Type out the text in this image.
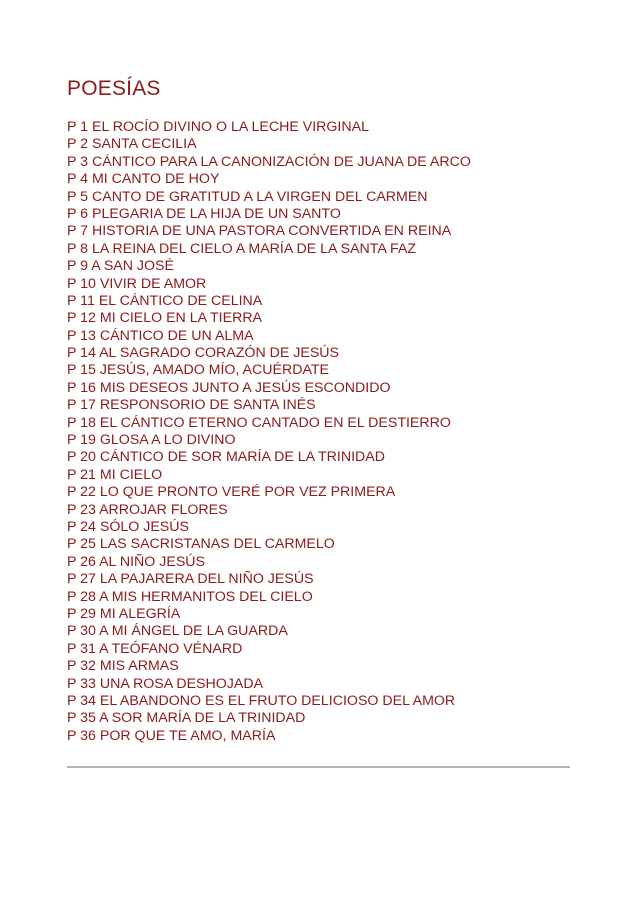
POESÍAS
P 1 EL ROCÍO DIVINO O LA LECHE VIRGINAL
P 2 SANTA CECILIA
P 3 CÁNTICO PARA LA CANONIZACIÓN DE JUANA DE ARCO
P 4 MI CANTO DE HOY
P 5 CANTO DE GRATITUD A LA VIRGEN DEL CARMEN
P 6 PLEGARIA DE LA HIJA DE UN SANTO
P 7 HISTORIA DE UNA PASTORA CONVERTIDA EN REINA
P 8 LA REINA DEL CIELO A MARÍA DE LA SANTA FAZ
P 9 A SAN JOSÉ
P 10 VIVIR DE AMOR
P 11 EL CÁNTICO DE CELINA
P 12 MI CIELO EN LA TIERRA
P 13 CÁNTICO DE UN ALMA
P 14 AL SAGRADO CORAZÓN DE JESÚS
P 15 JESÚS, AMADO MÍO, ACUÉRDATE
P 16 MIS DESEOS JUNTO A JESÚS ESCONDIDO
P 17 RESPONSORIO DE SANTA INÉS
P 18 EL CÁNTICO ETERNO CANTADO EN EL DESTIERRO
P 19 GLOSA A LO DIVINO
P 20 CÁNTICO DE SOR MARÍA DE LA TRINIDAD
P 21 MI CIELO
P 22 LO QUE PRONTO VERÉ POR VEZ PRIMERA
P 23 ARROJAR FLORES
P 24 SÓLO JESÚS
P 25 LAS SACRISTANAS DEL CARMELO
P 26 AL NIÑO JESÚS
P 27 LA PAJARERA DEL NIÑO JESÚS
P 28 A MIS HERMANITOS DEL CIELO
P 29 MI ALEGRÍA
P 30 A MI ÁNGEL DE LA GUARDA
P 31 A TEÓFANO VÉNARD
P 32 MIS ARMAS
P 33 UNA ROSA DESHOJADA
P 34 EL ABANDONO ES EL FRUTO DELICIOSO DEL AMOR
P 35 A SOR MARÍA DE LA TRINIDAD
P 36 POR QUE TE AMO, MARÍA
